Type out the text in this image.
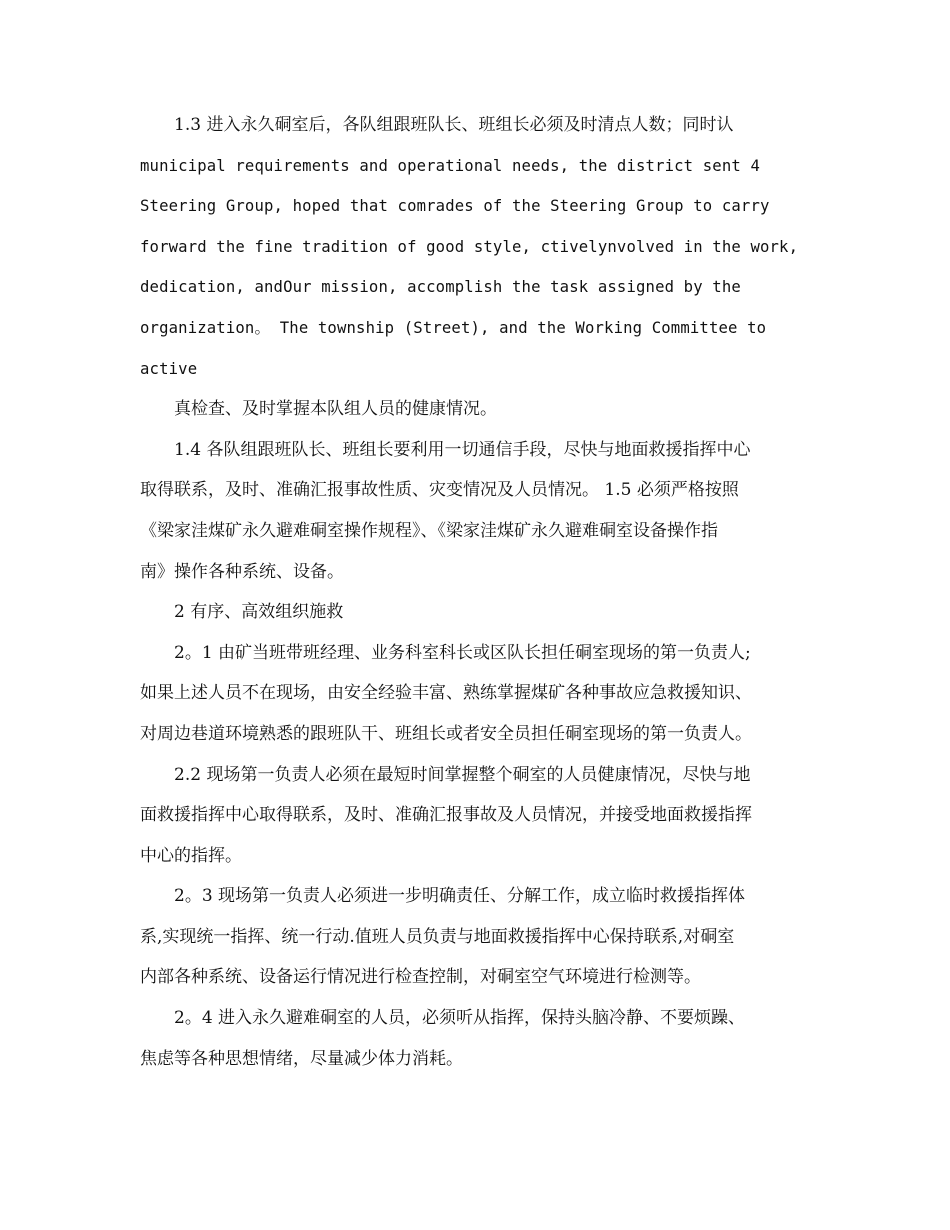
1.3 进入永久硐室后，各队组跟班队长、班组长必须及时清点人数；同时认
municipal requirements and operational needs, the district sent 4
Steering Group, hoped that comrades of the Steering Group to carry
forward the fine tradition of good style, ctivelynvolved in the work,
dedication, andOur mission, accomplish the task assigned by the
organization。 The township (Street), and the Working Committee to
active
真检查、及时掌握本队组人员的健康情况。
1.4 各队组跟班队长、班组长要利用一切通信手段，尽快与地面救援指挥中心
取得联系，及时、准确汇报事故性质、灾变情况及人员情况。 1.5 必须严格按照
《梁家洼煤矿永久避难硐室操作规程》、《梁家洼煤矿永久避难硐室设备操作指
南》操作各种系统、设备。
2 有序、高效组织施救
2。1 由矿当班带班经理、业务科室科长或区队长担任硐室现场的第一负责人;
如果上述人员不在现场，由安全经验丰富、熟练掌握煤矿各种事故应急救援知识、
对周边巷道环境熟悉的跟班队干、班组长或者安全员担任硐室现场的第一负责人。
2.2 现场第一负责人必须在最短时间掌握整个硐室的人员健康情况，尽快与地
面救援指挥中心取得联系，及时、准确汇报事故及人员情况，并接受地面救援指挥
中心的指挥。
2。3 现场第一负责人必须进一步明确责任、分解工作，成立临时救援指挥体
系,实现统一指挥、统一行动.值班人员负责与地面救援指挥中心保持联系,对硐室
内部各种系统、设备运行情况进行检查控制，对硐室空气环境进行检测等。
2。4 进入永久避难硐室的人员，必须听从指挥，保持头脑冷静、不要烦躁、
焦虑等各种思想情绪，尽量减少体力消耗。
